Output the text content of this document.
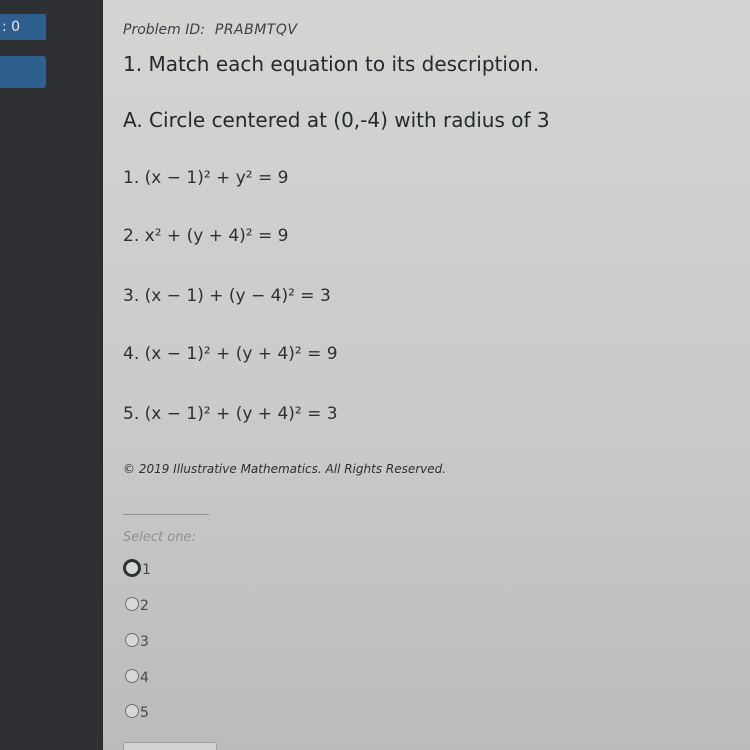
: 0	Problem ID: PRABMTQV
1. Match each equation to its description.
A. Circle centered at (0,-4) with radius of 3
1. (x − 1)² + y² = 9
2. x² + (y + 4)² = 9
3. (x − 1) + (y − 4)² = 3
4. (x − 1)² + (y + 4)² = 9
5. (x − 1)² + (y + 4)² = 3
© 2019 Illustrative Mathematics. All Rights Reserved.
Select one:
1
2
3
4
5
